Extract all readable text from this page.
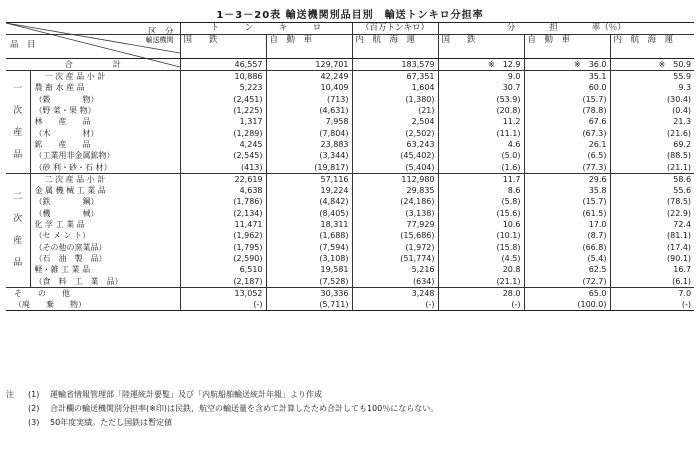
1－3－20表 輸送機関別品目別　輸送トンキロ分担率
区　分		ト　　　ン　　　キ　　　ロ		（百万トンキロ）	分　　　　担　　　　率（％）		

輸送機関		国　　鉄	自　動　車	内　航　海　運	国　　鉄	自　動　車	内　航　海　運

品　目							

合　　　　　計		46,557	129,701	183,579	※　12.9	※　36.0	※　50.9
一次産品	一 次 産 品 小 計	10,886	42,249	67,351	9.0	35.1	55.9
	農 畜 水 産 品	5,223	10,409	1,604	30.7	60.0	9.3
	（穀　　　　物）	(2,451)	(713)	(1,380)	(53.9)	(15.7)	(30.4)
	（野 菜・果 物）	(1,225)	(4,631)	(21)	(20.8)	(78.8)	(0.4)
	林　　産　　品	1,317	7,958	2,504	11.2	67.6	21.3
	（木　　　　材）	(1,289)	(7,804)	(2,502)	(11.1)	(67.3)	(21.6)
	鉱　　産　　品	4,245	23,883	63,243	4.6	26.1	69.2
	（工業用非金属鉱物）	(2,545)	(3,344)	(45,402)	(5.0)	(6.5)	(88.5)
	（砂 利・砂・石 材）	(413)	(19,817)	(5,404)	(1.6)	(77.3)	(21.1)
二次産品	二 次 産 品 小 計	22,619	57,116	112,980	11.7	29.6	58.6
	金 属 機 械 工 業 品	4,638	19,224	29,835	8.6	35.8	55.6
	（鉄　　　　鋼）	(1,786)	(4,842)	(24,186)	(5.8)	(15.7)	(78.5)
	（機　　　　械）	(2,134)	(8,405)	(3,138)	(15.6)	(61.5)	(22.9)
	化 学 工 業 品	11,471	18,311	77,929	10.6	17.0	72.4
	（セ メ ン ト）	(1,962)	(1,688)	(15,686)	(10.1)	(8.7)	(81.1)
	（その他の窯業品）	(1,795)	(7,594)	(1,972)	(15.8)	(66.8)	(17.4)
	（石　油　製　品）	(2,590)	(3,108)	(51,774)	(4.5)	(5.4)	(90.1)
	軽・雑 工 業 品	6,510	19,581	5,216	20.8	62.5	16.7
	（食　料　工　業　品）	(2,187)	(7,528)	(634)	(21.1)	(72.7)	(6.1)
そ　　の　　他		13,052	30,336	3,248	28.0	65.0	7.0
（廃　　棄　　物）		(-)	(5,711)	(-)	(-)	(100.0)	(-)
注 (1) 運輸省情報管理部「陸運統計要覧」及び「内航船舶輸送統計年報」より作成
(2) 合計欄の輸送機関別分担率(※印)は民鉄，航空の輸送量を含めて計算したため合計しても100％にならない。
(3) 50年度実績。ただし国鉄は暫定値
